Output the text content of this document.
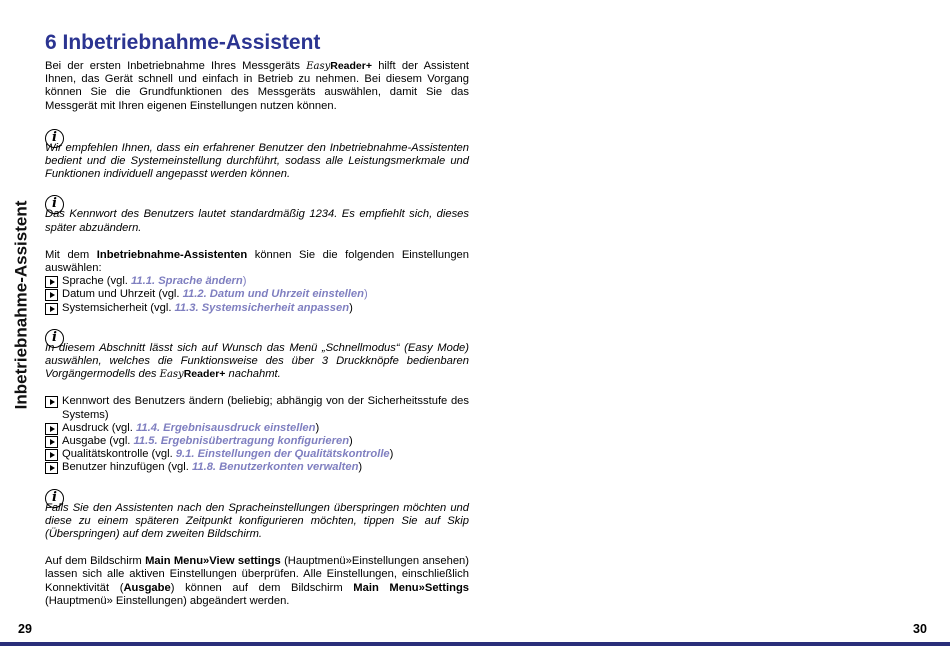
Inbetriebnahme-Assistent
6 Inbetriebnahme-Assistent

Bei der ersten Inbetriebnahme Ihres Messgeräts EasyReader+ hilft der Assistent Ihnen, das Gerät schnell und einfach in Betrieb zu nehmen. Bei diesem Vorgang können Sie die Grundfunktionen des Messgeräts auswählen, damit Sie das Messgerät mit Ihren eigenen Einstellungen nutzen können.

i

Wir empfehlen Ihnen, dass ein erfahrener Benutzer den Inbetriebnahme-Assistenten bedient und die Systemeinstellung durchführt, sodass alle Leistungsmerkmale und Funktionen individuell angepasst werden können.

i

Das Kennwort des Benutzers lautet standardmäßig 1234. Es empfiehlt sich, dieses später abzuändern.

Mit dem Inbetriebnahme-Assistenten können Sie die folgenden Einstellungen auswählen:

Sprache (vgl. 11.1. Sprache ändern)
Datum und Uhrzeit (vgl. 11.2. Datum und Uhrzeit einstellen)
Systemsicherheit (vgl. 11.3. Systemsicherheit anpassen)
i

In diesem Abschnitt lässt sich auf Wunsch das Menü „Schnellmodus“ (Easy Mode) auswählen, welches die Funktionsweise des über 3 Druckknöpfe bedienbaren Vorgängermodells des EasyReader+ nachahmt.

Kennwort des Benutzers ändern (beliebig; abhängig von der Sicherheitsstufe des Systems)
Ausdruck (vgl. 11.4. Ergebnisausdruck einstellen)
Ausgabe (vgl. 11.5. Ergebnisübertragung konfigurieren)
Qualitätskontrolle (vgl. 9.1. Einstellungen der Qualitätskontrolle)
Benutzer hinzufügen (vgl. 11.8. Benutzerkonten verwalten)
i

Falls Sie den Assistenten nach den Spracheinstellungen überspringen möchten und diese zu einem späteren Zeitpunkt konfigurieren möchten, tippen Sie auf Skip (Überspringen) auf dem zweiten Bildschirm.

Auf dem Bildschirm Main Menu»View settings (Hauptmenü»Einstellungen ansehen) lassen sich alle aktiven Einstellungen überprüfen. Alle Einstellungen, einschließlich Konnektivität (Ausgabe) können auf dem Bildschirm Main Menu»Settings (Hauptmenü» Einstellungen) abgeändert werden.

29	30
